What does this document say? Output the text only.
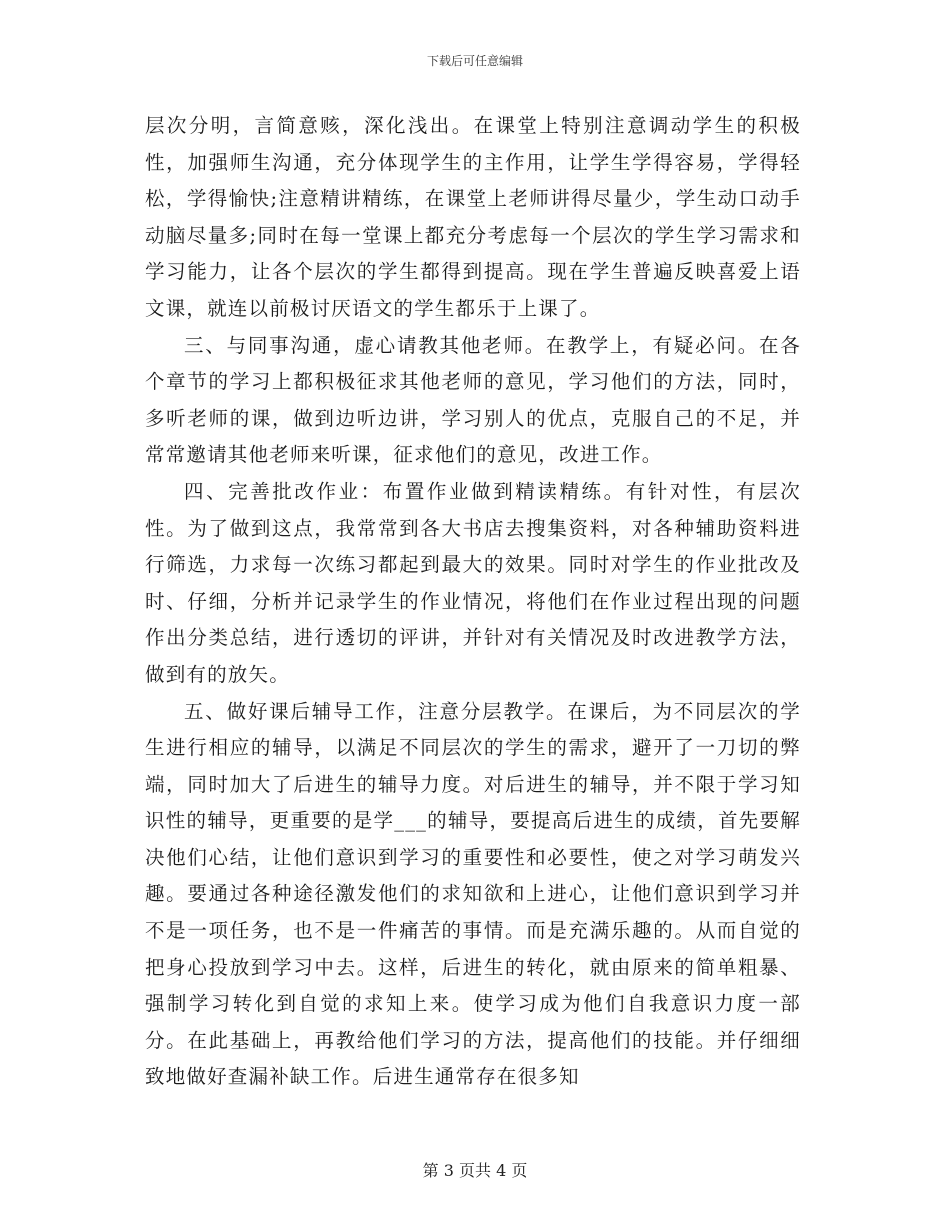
下载后可任意编辑

层次分明，言简意赅，深化浅出。在课堂上特别注意调动学生的积极性，加强师生沟通，充分体现学生的主作用，让学生学得容易，学得轻松，学得愉快;注意精讲精练，在课堂上老师讲得尽量少，学生动口动手动脑尽量多;同时在每一堂课上都充分考虑每一个层次的学生学习需求和学习能力，让各个层次的学生都得到提高。现在学生普遍反映喜爱上语文课，就连以前极讨厌语文的学生都乐于上课了。

三、与同事沟通，虚心请教其他老师。在教学上，有疑必问。在各个章节的学习上都积极征求其他老师的意见，学习他们的方法，同时，多听老师的课，做到边听边讲，学习别人的优点，克服自己的不足，并常常邀请其他老师来听课，征求他们的意见，改进工作。

四、完善批改作业：布置作业做到精读精练。有针对性，有层次性。为了做到这点，我常常到各大书店去搜集资料，对各种辅助资料进行筛选，力求每一次练习都起到最大的效果。同时对学生的作业批改及时、仔细，分析并记录学生的作业情况，将他们在作业过程出现的问题作出分类总结，进行透切的评讲，并针对有关情况及时改进教学方法，做到有的放矢。

五、做好课后辅导工作，注意分层教学。在课后，为不同层次的学生进行相应的辅导，以满足不同层次的学生的需求，避开了一刀切的弊端，同时加大了后进生的辅导力度。对后进生的辅导，并不限于学习知识性的辅导，更重要的是学___的辅导，要提高后进生的成绩，首先要解决他们心结，让他们意识到学习的重要性和必要性，使之对学习萌发兴趣。要通过各种途径激发他们的求知欲和上进心，让他们意识到学习并不是一项任务，也不是一件痛苦的事情。而是充满乐趣的。从而自觉的把身心投放到学习中去。这样，后进生的转化，就由原来的简单粗暴、强制学习转化到自觉的求知上来。使学习成为他们自我意识力度一部分。在此基础上，再教给他们学习的方法，提高他们的技能。并仔细细致地做好查漏补缺工作。后进生通常存在很多知

第 3 页共 4 页
